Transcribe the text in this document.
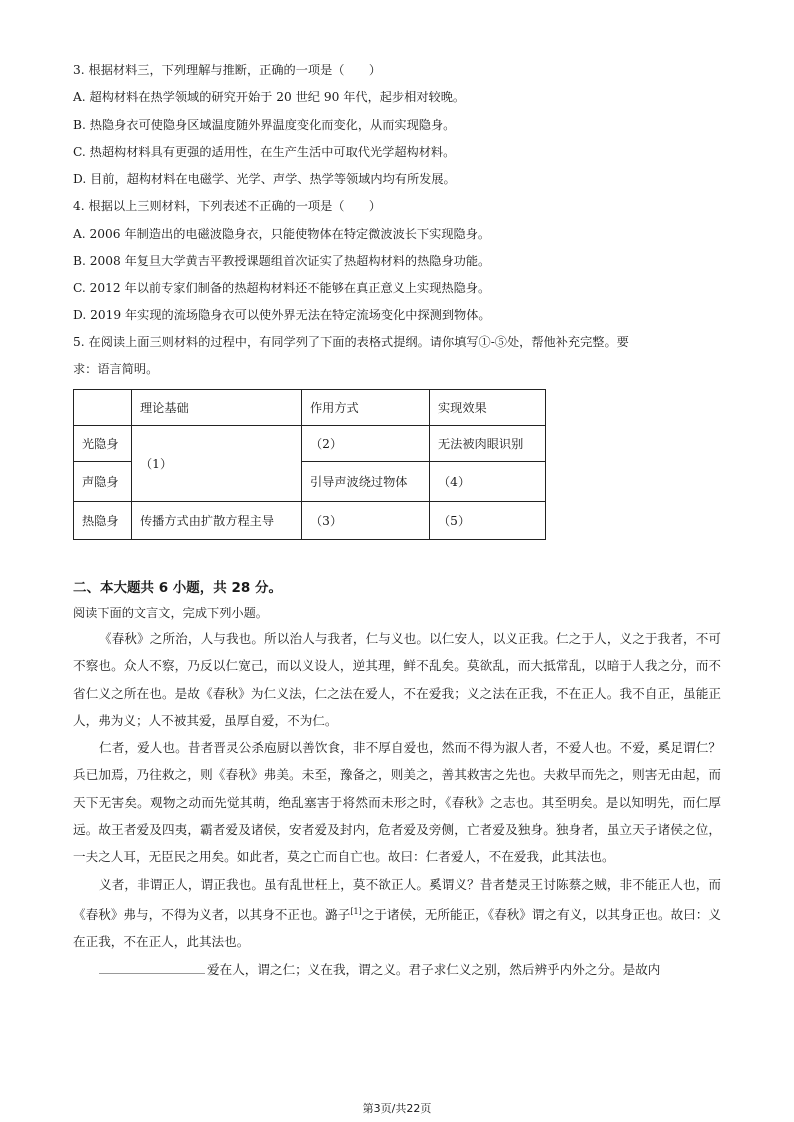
3. 根据材料三，下列理解与推断，正确的一项是（　　）
A. 超构材料在热学领域的研究开始于 20 世纪 90 年代，起步相对较晚。
B. 热隐身衣可使隐身区域温度随外界温度变化而变化，从而实现隐身。
C. 热超构材料具有更强的适用性，在生产生活中可取代光学超构材料。
D. 目前，超构材料在电磁学、光学、声学、热学等领域内均有所发展。
4. 根据以上三则材料，下列表述不正确的一项是（　　）
A. 2006 年制造出的电磁波隐身衣，只能使物体在特定微波波长下实现隐身。
B. 2008 年复旦大学黄吉平教授课题组首次证实了热超构材料的热隐身功能。
C. 2012 年以前专家们制备的热超构材料还不能够在真正意义上实现热隐身。
D. 2019 年实现的流场隐身衣可以使外界无法在特定流场变化中探测到物体。
5. 在阅读上面三则材料的过程中，有同学列了下面的表格式提纲。请你填写①-⑤处，帮他补充完整。要
求：语言简明。
	理论基础	作用方式	实现效果
光隐身	（1）	（2）	无法被肉眼识别
声隐身		引导声波绕过物体	（4）
热隐身	传播方式由扩散方程主导	（3）	（5）
二、本大题共 6 小题，共 28 分。
阅读下面的文言文，完成下列小题。

《春秋》之所治，人与我也。所以治人与我者，仁与义也。以仁安人，以义正我。仁之于人，义之于我者，不可不察也。众人不察，乃反以仁宽己，而以义设人，逆其理，鲜不乱矣。莫欲乱，而大抵常乱，以暗于人我之分，而不省仁义之所在也。是故《春秋》为仁义法，仁之法在爱人，不在爱我；义之法在正我，不在正人。我不自正，虽能正人，弗为义；人不被其爱，虽厚自爱，不为仁。

仁者，爱人也。昔者晋灵公杀庖厨以善饮食，非不厚自爱也，然而不得为淑人者，不爱人也。不爱，奚足谓仁？兵已加焉，乃往救之，则《春秋》弗美。未至，豫备之，则美之，善其救害之先也。夫救早而先之，则害无由起，而天下无害矣。观物之动而先觉其萌，绝乱塞害于将然而未形之时，《春秋》之志也。其至明矣。是以知明先，而仁厚远。故王者爱及四夷，霸者爱及诸侯，安者爱及封内，危者爱及旁侧，亡者爱及独身。独身者，虽立天子诸侯之位，一夫之人耳，无臣民之用矣。如此者，莫之亡而自亡也。故曰：仁者爱人，不在爱我，此其法也。

义者，非谓正人，谓正我也。虽有乱世枉上，莫不欲正人。奚谓义？昔者楚灵王讨陈蔡之贼，非不能正人也，而《春秋》弗与，不得为义者，以其身不正也。潞子[1]之于诸侯，无所能正，《春秋》谓之有义，以其身正也。故曰：义在正我，不在正人，此其法也。

爱在人，谓之仁；义在我，谓之义。君子求仁义之别，然后辨乎内外之分。是故内

第3页/共22页
